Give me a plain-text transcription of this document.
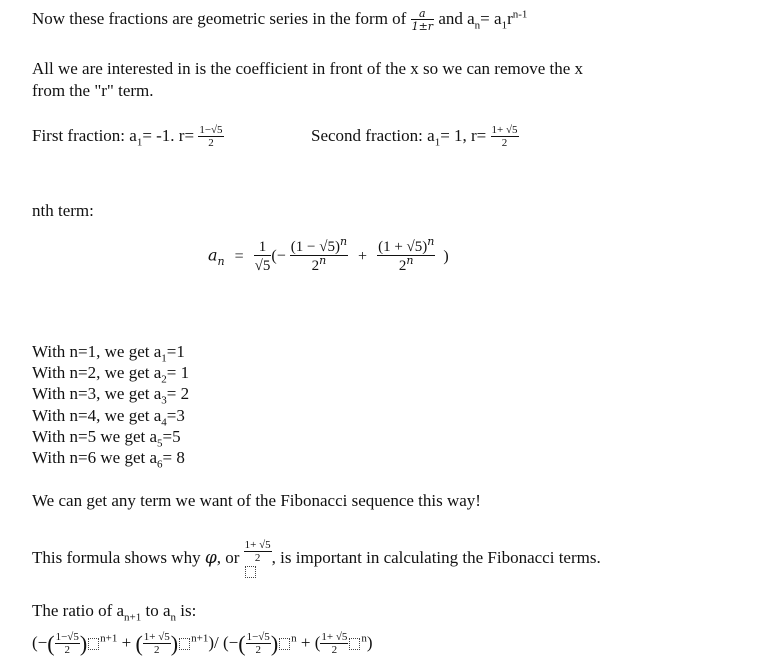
Now these fractions are geometric series in the form of $\frac{a}{1\pm r}$ and $a_n= a_1r^{n-1}$
All we are interested in is the coefficient in front of the x so we can remove the x
from the "r" term.
First fraction: $a_1= -1$. $r= \frac{1-√5}{2}$	Second fraction: $a_1= 1$, $r= \frac{1+ √5}{2}$
nth term:
$a_n = \frac{1}{√5}$ (− $\frac{(1 - √5)^n}{2^n} + \frac{(1 + √5)^n}{2^n}$ )
With n=1, we get $a_1=1$
With n=2, we get $a_2= 1$
With n=3, we get $a_3= 2$
With n=4, we get $a_4=3$
With n=5 we get $a_5=5$
With n=6 we get $a_6= 8$
We can get any term we want of the Fibonacci sequence this way!
This formula shows why φ, or $\frac{1+ √5}{2}$ , is important in calculating the Fibonacci terms.
The ratio of $a_{n+1}$ to $a_n$ is:
(−( $\frac{1-√5}{2}$ ) $^{n+1}$ + ( $\frac{1+ √5}{2}$ ) $^{n+1}$)/ (−( $\frac{1-√5}{2}$ ) $^n$ + ( $\frac{1+ √5}{2} ^n$)
